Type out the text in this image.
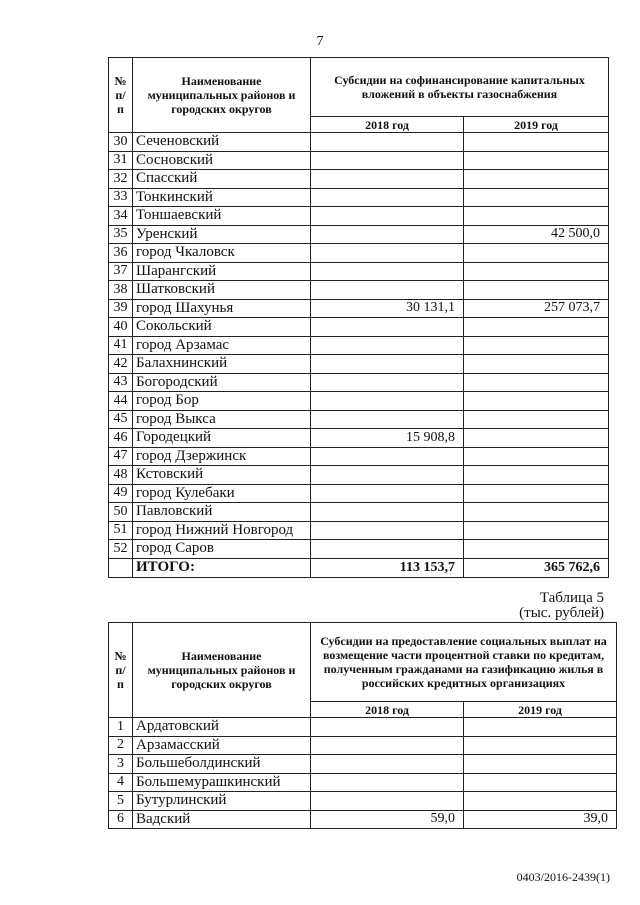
7
№ п/п	Наименование муниципальных районов и городских округов	Субсидии на софинансирование капитальных вложений в объекты газоснабжения	
		2018 год	2019 год
30	Сеченовский		
31	Сосновский		
32	Спасский		
33	Тонкинский		
34	Тоншаевский		
35	Уренский		42 500,0
36	город Чкаловск		
37	Шарангский		
38	Шатковский		
39	город Шахунья	30 131,1	257 073,7
40	Сокольский		
41	город Арзамас		
42	Балахнинский		
43	Богородский		
44	город Бор		
45	город Выкса		
46	Городецкий	15 908,8	
47	город Дзержинск		
48	Кстовский		
49	город Кулебаки		
50	Павловский		
51	город Нижний Новгород		
52	город Саров		
	ИТОГО:	113 153,7	365 762,6
Таблица 5
(тыс. рублей)
№ п/п	Наименование муниципальных районов и городских округов	Субсидии на предоставление социальных выплат на возмещение части процентной ставки по кредитам, полученным гражданами на газификацию жилья в российских кредитных организациях	
		2018 год	2019 год
1	Ардатовский		
2	Арзамасский		
3	Большеболдинский		
4	Большемурашкинский		
5	Бутурлинский		
6	Вадский	59,0	39,0
0403/2016-2439(1)
